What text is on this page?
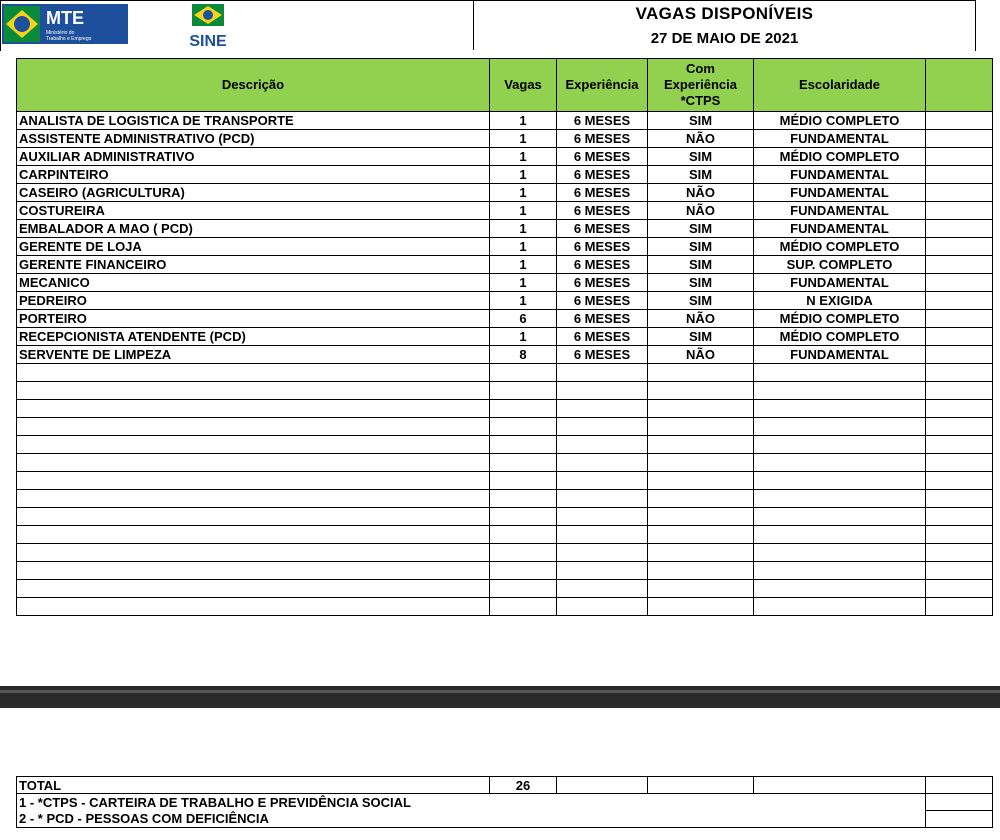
MTE
Ministério do
Trabalho e Emprego	SINE
VAGAS DISPONÍVEIS
27 DE MAIO DE 2021
Descrição	Vagas	Experiência	Com Experiência *CTPS	Escolaridade	
ANALISTA DE LOGISTICA DE TRANSPORTE	1	6 MESES	SIM	MÉDIO COMPLETO	
ASSISTENTE ADMINISTRATIVO (PCD)	1	6 MESES	NÃO	FUNDAMENTAL	
AUXILIAR ADMINISTRATIVO	1	6 MESES	SIM	MÉDIO COMPLETO	
CARPINTEIRO	1	6 MESES	SIM	FUNDAMENTAL	
CASEIRO (AGRICULTURA)	1	6 MESES	NÃO	FUNDAMENTAL	
COSTUREIRA	1	6 MESES	NÃO	FUNDAMENTAL	
EMBALADOR A MAO ( PCD)	1	6 MESES	SIM	FUNDAMENTAL	
GERENTE DE LOJA	1	6 MESES	SIM	MÉDIO COMPLETO	
GERENTE FINANCEIRO	1	6 MESES	SIM	SUP. COMPLETO	
MECANICO	1	6 MESES	SIM	FUNDAMENTAL	
PEDREIRO	1	6 MESES	SIM	N EXIGIDA	
PORTEIRO	6	6 MESES	NÃO	MÉDIO COMPLETO	
RECEPCIONISTA ATENDENTE (PCD)	1	6 MESES	SIM	MÉDIO COMPLETO	
SERVENTE DE LIMPEZA	8	6 MESES	NÃO	FUNDAMENTAL	

TOTAL	26				
1 - *CTPS - CARTEIRA DE TRABALHO E PREVIDÊNCIA SOCIAL					
2 - * PCD - PESSOAS COM DEFICIÊNCIA					
